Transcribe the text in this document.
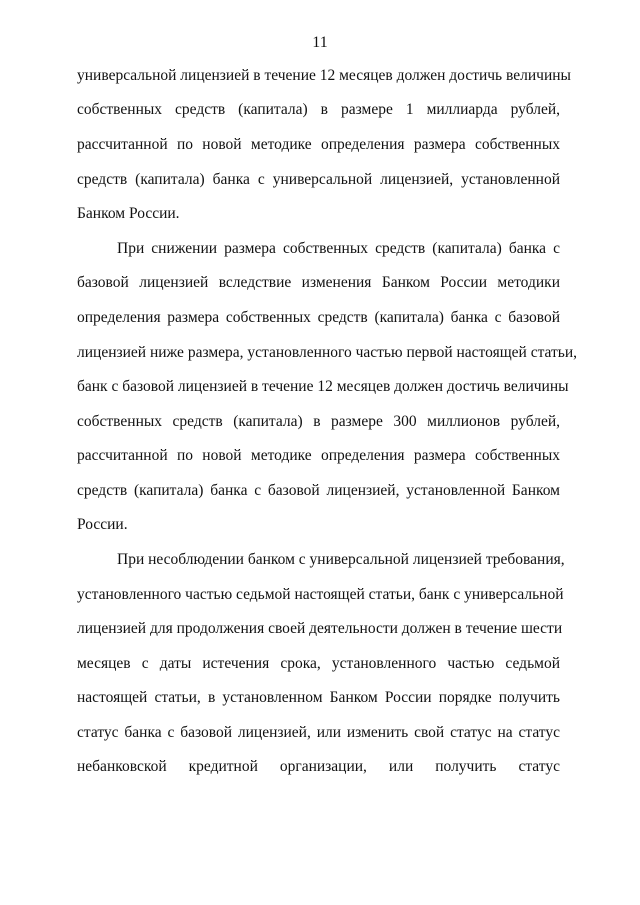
11
универсальной лицензией в течение 12 месяцев должен достичь величины
собственных средств (капитала) в размере 1 миллиарда рублей,
рассчитанной по новой методике определения размера собственных
средств (капитала) банка с универсальной лицензией, установленной
Банком России.
При снижении размера собственных средств (капитала) банка с
базовой лицензией вследствие изменения Банком России методики
определения размера собственных средств (капитала) банка с базовой
лицензией ниже размера, установленного частью первой настоящей статьи,
банк с базовой лицензией в течение 12 месяцев должен достичь величины
собственных средств (капитала) в размере 300 миллионов рублей,
рассчитанной по новой методике определения размера собственных
средств (капитала) банка с базовой лицензией, установленной Банком
России.
При несоблюдении банком с универсальной лицензией требования,
установленного частью седьмой настоящей статьи, банк с универсальной
лицензией для продолжения своей деятельности должен в течение шести
месяцев с даты истечения срока, установленного частью седьмой
настоящей статьи, в установленном Банком России порядке получить
статус банка с базовой лицензией, или изменить свой статус на статус
небанковской кредитной организации, или получить статус
